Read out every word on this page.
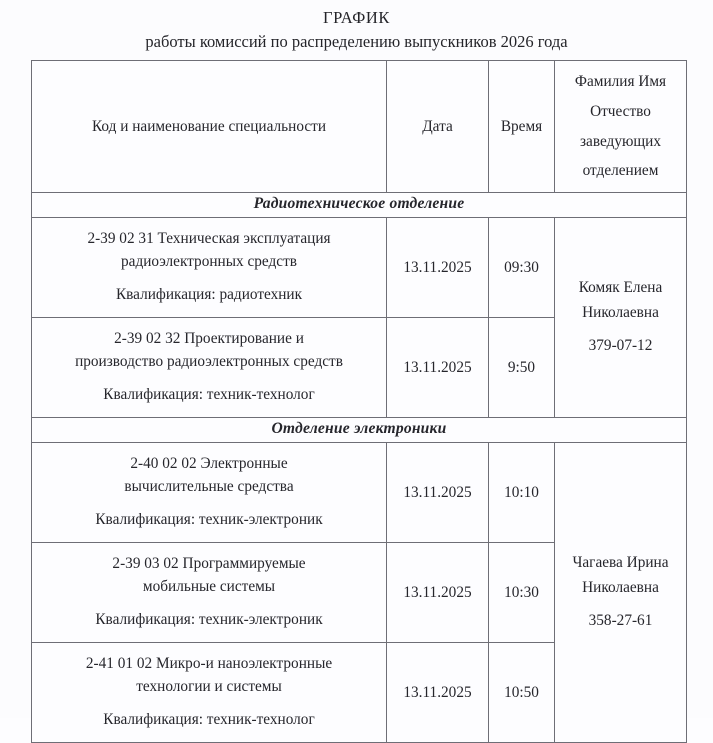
ГРАФИК
работы комиссий по распределению выпускников 2026 года
Код и наименование специальности	Дата	Время	Фамилия Имя
Отчество
заведующих
отделением

Радиотехническое отделение			

2-39 02 31 Техническая эксплуатация
радиоэлектронных средств
Квалификация: радиотехник	13.11.2025	09:30	Комяк Елена
Николаевна
379-07-12

2-39 02 32 Проектирование и
производство радиоэлектронных средств
Квалификация: техник-технолог	13.11.2025	9:50	
Отделение электроники			

2-40 02 02 Электронные
вычислительные средства
Квалификация: техник-электроник	13.11.2025	10:10	Чагаева Ирина
Николаевна
358-27-61

2-39 03 02 Программируемые
мобильные системы
Квалификация: техник-электроник	13.11.2025	10:30	

2-41 01 02 Микро-и наноэлектронные
технологии и системы
Квалификация: техник-технолог	13.11.2025	10:50	
